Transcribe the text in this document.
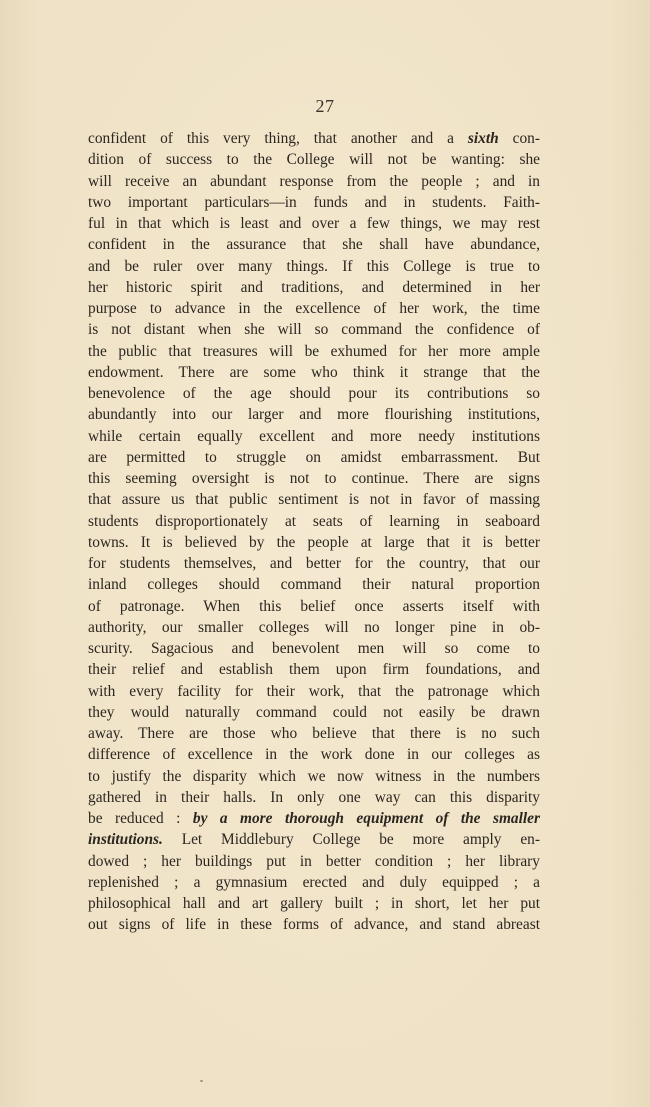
27
confident of this very thing, that another and a sixth con-
dition of success to the College will not be wanting: she
will receive an abundant response from the people ; and in
two important particulars—in funds and in students. Faith-
ful in that which is least and over a few things, we may rest
confident in the assurance that she shall have abundance,
and be ruler over many things. If this College is true to
her historic spirit and traditions, and determined in her
purpose to advance in the excellence of her work, the time
is not distant when she will so command the confidence of
the public that treasures will be exhumed for her more ample
endowment. There are some who think it strange that the
benevolence of the age should pour its contributions so
abundantly into our larger and more flourishing institutions,
while certain equally excellent and more needy institutions
are permitted to struggle on amidst embarrassment. But
this seeming oversight is not to continue. There are signs
that assure us that public sentiment is not in favor of massing
students disproportionately at seats of learning in seaboard
towns. It is believed by the people at large that it is better
for students themselves, and better for the country, that our
inland colleges should command their natural proportion
of patronage. When this belief once asserts itself with
authority, our smaller colleges will no longer pine in ob-
scurity. Sagacious and benevolent men will so come to
their relief and establish them upon firm foundations, and
with every facility for their work, that the patronage which
they would naturally command could not easily be drawn
away. There are those who believe that there is no such
difference of excellence in the work done in our colleges as
to justify the disparity which we now witness in the numbers
gathered in their halls. In only one way can this disparity
be reduced : by a more thorough equipment of the smaller
institutions. Let Middlebury College be more amply en-
dowed ; her buildings put in better condition ; her library
replenished ; a gymnasium erected and duly equipped ; a
philosophical hall and art gallery built ; in short, let her put
out signs of life in these forms of advance, and stand abreast
